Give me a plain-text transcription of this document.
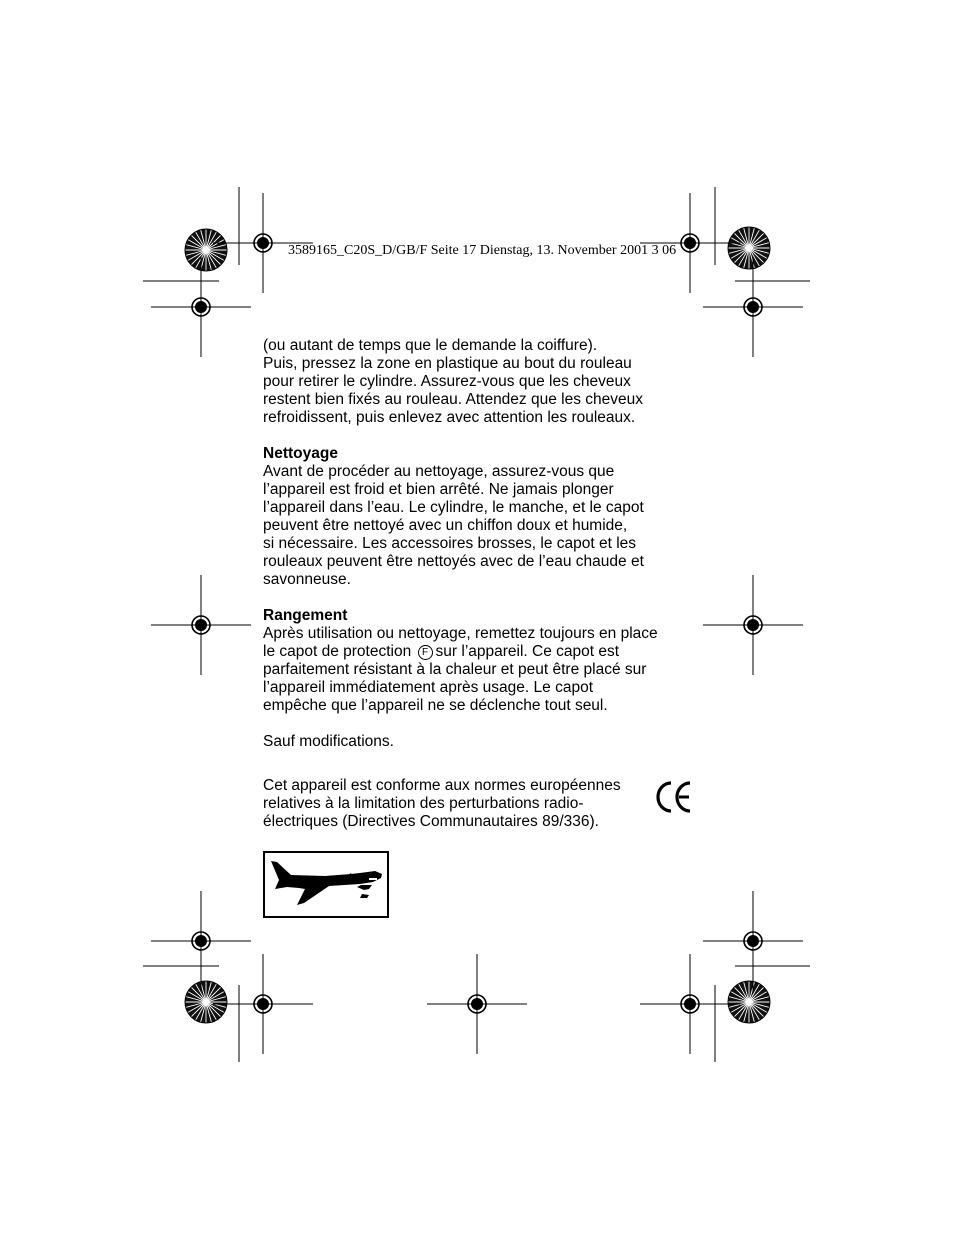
3589165_C20S_D/GB/F Seite 17 Dienstag, 13. November 2001 3 06

(ou autant de temps que le demande la coiffure).

Puis, pressez la zone en plastique au bout du rouleau

pour retirer le cylindre. Assurez-vous que les cheveux

restent bien fixés au rouleau. Attendez que les cheveux

refroidissent, puis enlevez avec attention les rouleaux.

Nettoyage

Avant de procéder au nettoyage, assurez-vous que

l’appareil est froid et bien arrêté. Ne jamais plonger

l’appareil dans l’eau. Le cylindre, le manche, et le capot

peuvent être nettoyé avec un chiffon doux et humide,

si nécessaire. Les accessoires brosses, le capot et les

rouleaux peuvent être nettoyés avec de l’eau chaude et

savonneuse.

Rangement

Après utilisation ou nettoyage, remettez toujours en place

le capot de protection F sur l’appareil. Ce capot est

parfaitement résistant à la chaleur et peut être placé sur

l’appareil immédiatement après usage. Le capot

empêche que l’appareil ne se déclenche tout seul.

Sauf modifications.

Cet appareil est conforme aux normes européennes

relatives à la limitation des perturbations radio-

électriques (Directives Communautaires 89/336).
